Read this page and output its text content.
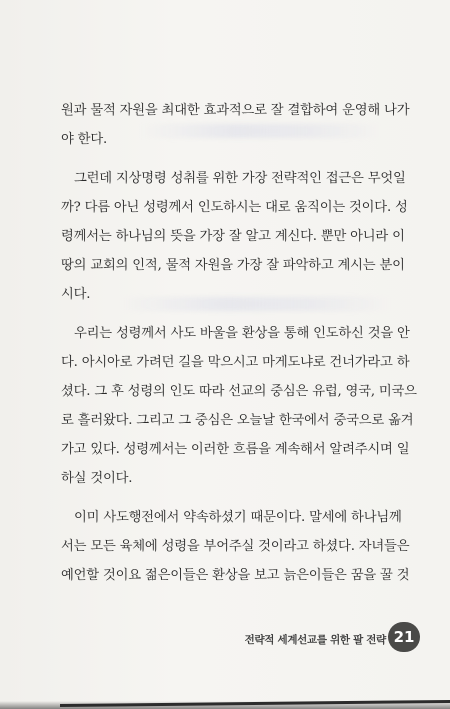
원과 물적 자원을 최대한 효과적으로 잘 결합하여 운영해 나가
야 한다.
그런데 지상명령 성취를 위한 가장 전략적인 접근은 무엇일
까? 다름 아닌 성령께서 인도하시는 대로 움직이는 것이다. 성
령께서는 하나님의 뜻을 가장 잘 알고 계신다. 뿐만 아니라 이
땅의 교회의 인적, 물적 자원을 가장 잘 파악하고 계시는 분이
시다.
우리는 성령께서 사도 바울을 환상을 통해 인도하신 것을 안
다. 아시아로 가려던 길을 막으시고 마게도냐로 건너가라고 하
셨다. 그 후 성령의 인도 따라 선교의 중심은 유럽, 영국, 미국으
로 흘러왔다. 그리고 그 중심은 오늘날 한국에서 중국으로 옮겨
가고 있다. 성령께서는 이러한 흐름을 계속해서 알려주시며 일
하실 것이다.
이미 사도행전에서 약속하셨기 때문이다. 말세에 하나님께
서는 모든 육체에 성령을 부어주실 것이라고 하셨다. 자녀들은
예언할 것이요 젊은이들은 환상을 보고 늙은이들은 꿈을 꿀 것
전략적 세계선교를 위한 팔 전략 21
